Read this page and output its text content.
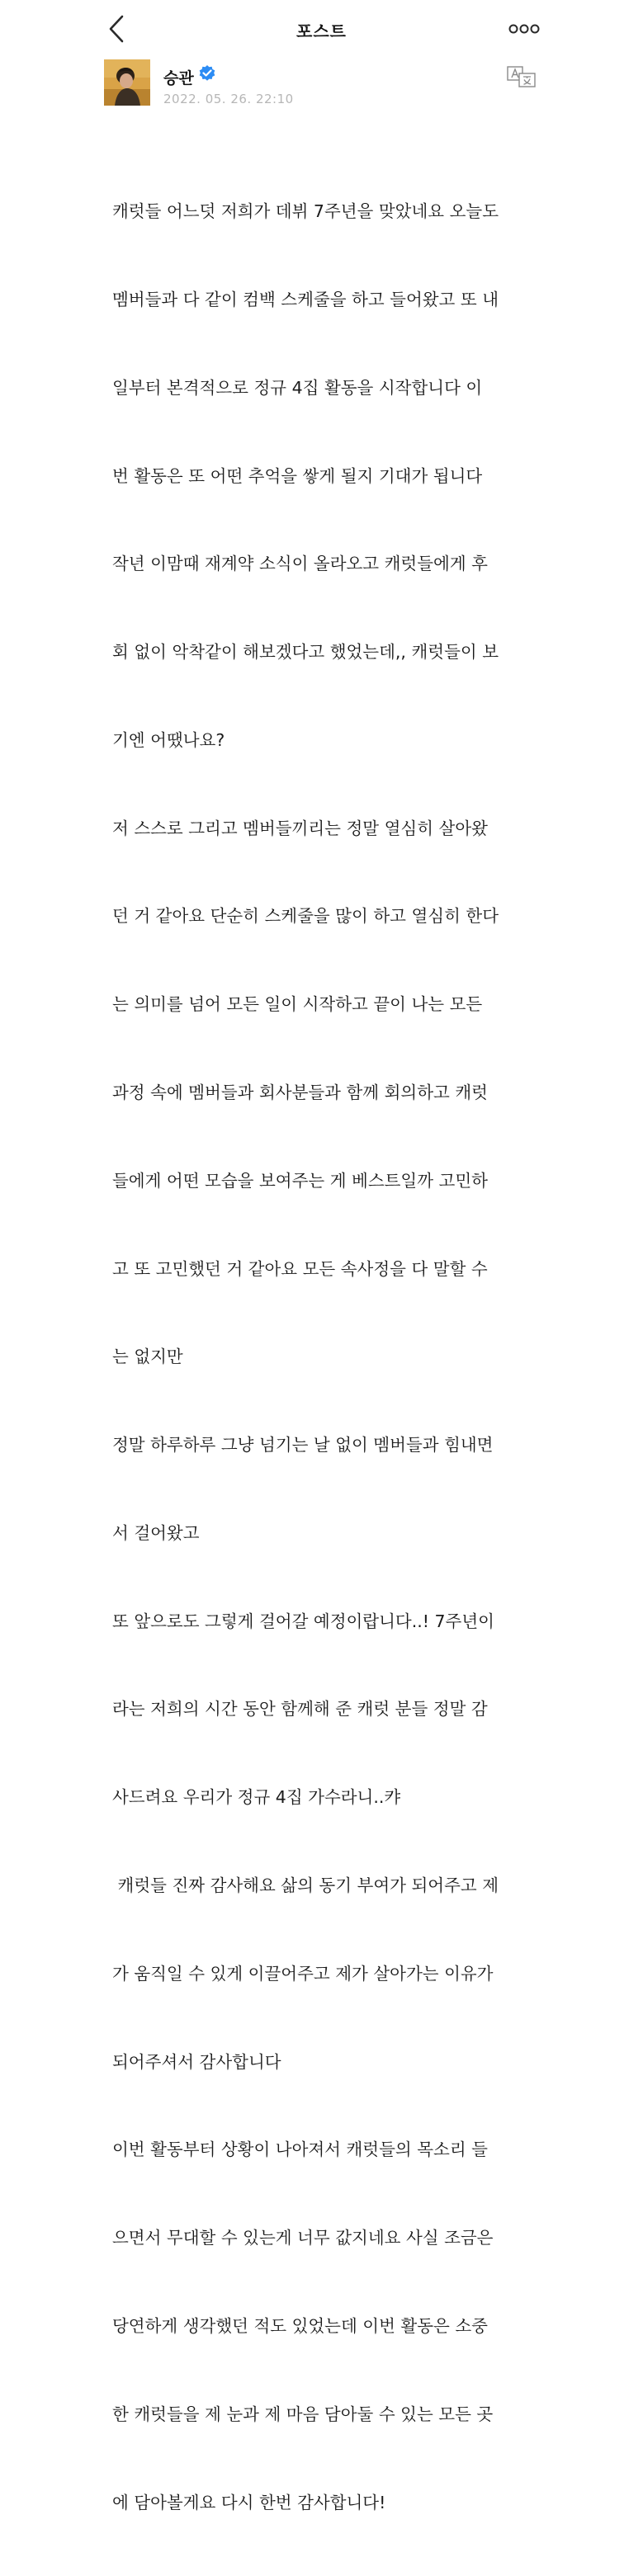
포스트
승관
2022. 05. 26. 22:10

캐럿들 어느덧 저희가 데뷔 7주년을 맞았네요 오늘도

멤버들과 다 같이 컴백 스케줄을 하고 들어왔고 또 내

일부터 본격적으로 정규 4집 활동을 시작합니다 이

번 활동은 또 어떤 추억을 쌓게 될지 기대가 됩니다

작년 이맘때 재계약 소식이 올라오고 캐럿들에게 후

회 없이 악착같이 해보겠다고 했었는데,, 캐럿들이 보

기엔 어땠나요?

저 스스로 그리고 멤버들끼리는 정말 열심히 살아왔

던 거 같아요 단순히 스케줄을 많이 하고 열심히 한다

는 의미를 넘어 모든 일이 시작하고 끝이 나는 모든

과정 속에 멤버들과 회사분들과 함께 회의하고 캐럿

들에게 어떤 모습을 보여주는 게 베스트일까 고민하

고 또 고민했던 거 같아요 모든 속사정을 다 말할 수

는 없지만

정말 하루하루 그냥 넘기는 날 없이 멤버들과 힘내면

서 걸어왔고

또 앞으로도 그렇게 걸어갈 예정이랍니다..! 7주년이

라는 저희의 시간 동안 함께해 준 캐럿 분들 정말 감

사드려요 우리가 정규 4집 가수라니..캬

캐럿들 진짜 감사해요 삶의 동기 부여가 되어주고 제

가 움직일 수 있게 이끌어주고 제가 살아가는 이유가

되어주셔서 감사합니다

이번 활동부터 상황이 나아져서 캐럿들의 목소리 들

으면서 무대할 수 있는게 너무 값지네요 사실 조금은

당연하게 생각했던 적도 있었는데 이번 활동은 소중

한 캐럿들을 제 눈과 제 마음 담아둘 수 있는 모든 곳

에 담아볼게요 다시 한번 감사합니다!
